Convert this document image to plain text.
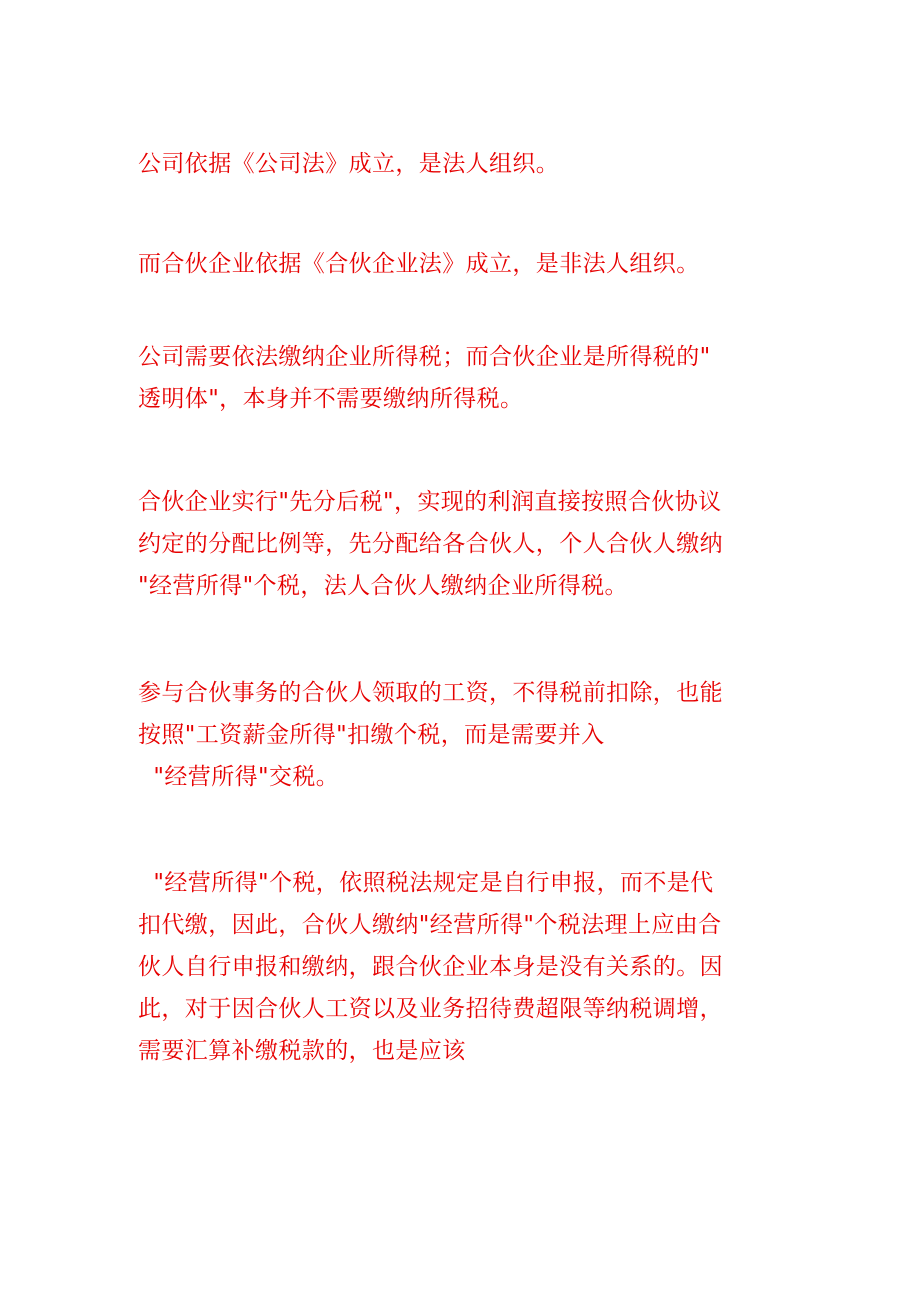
公司依据《公司法》成立，是法人组织。

而合伙企业依据《合伙企业法》成立，是非法人组织。

公司需要依法缴纳企业所得税；而合伙企业是所得税的"
透明体"，本身并不需要缴纳所得税。

合伙企业实行"先分后税"，实现的利润直接按照合伙协议
约定的分配比例等，先分配给各合伙人，个人合伙人缴纳
"经营所得"个税，法人合伙人缴纳企业所得税。

参与合伙事务的合伙人领取的工资，不得税前扣除，也能
按照"工资薪金所得"扣缴个税，而是需要并入
"经营所得"交税。

"经营所得"个税，依照税法规定是自行申报，而不是代
扣代缴，因此，合伙人缴纳"经营所得"个税法理上应由合
伙人自行申报和缴纳，跟合伙企业本身是没有关系的。因
此，对于因合伙人工资以及业务招待费超限等纳税调增，
需要汇算补缴税款的，也是应该
